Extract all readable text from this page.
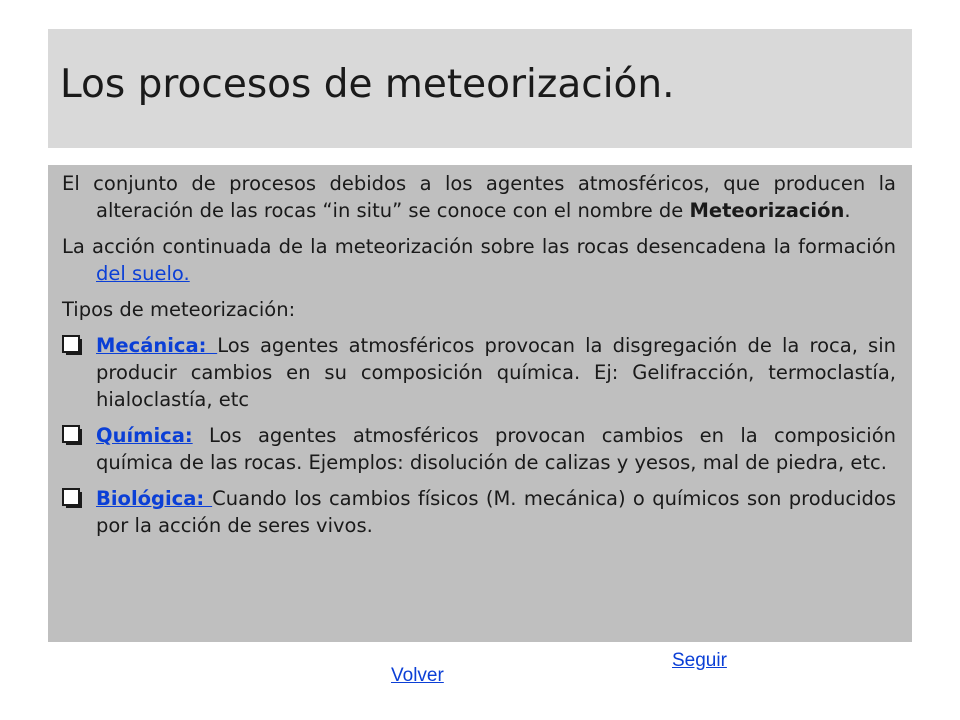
Los procesos de meteorización.

El conjunto de procesos debidos a los agentes atmosféricos, que producen la alteración de las rocas “in situ” se conoce con el nombre de Meteorización.

La acción continuada de la meteorización sobre las rocas desencadena la formación del suelo.

Tipos de meteorización:

Mecánica: Los agentes atmosféricos provocan la disgregación de la roca, sin producir cambios en su composición química. Ej: Gelifracción, termoclastía, hialoclastía, etc
Química: Los agentes atmosféricos provocan cambios en la composición química de las rocas. Ejemplos: disolución de calizas y yesos, mal de piedra, etc.
Biológica: Cuando los cambios físicos (M. mecánica) o químicos son producidos por la acción de seres vivos.
Seguir
Volver
